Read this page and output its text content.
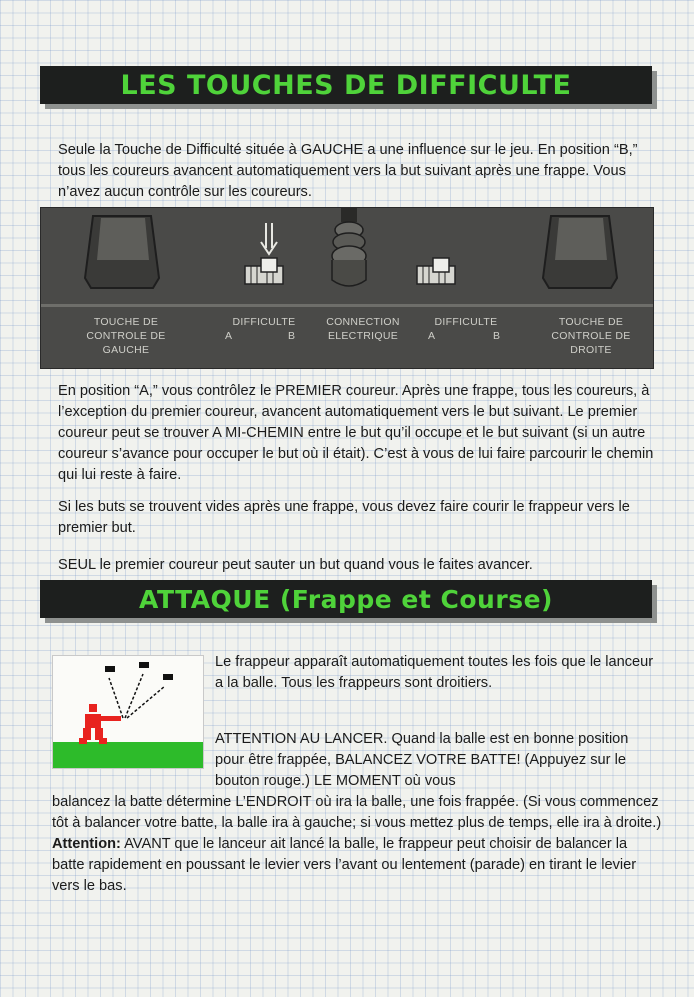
LES TOUCHES DE DIFFICULTE

Seule la Touche de Difficulté située à GAUCHE a une influence sur le jeu. En position “B,” tous les coureurs avancent automatiquement vers la but suivant après une frappe. Vous n’avez aucun contrôle sur les coureurs.

TOUCHE DE CONTROLE DE GAUCHE
DIFFICULTE
A	B
CONNECTION ELECTRIQUE
DIFFICULTE
A	B
TOUCHE DE CONTROLE DE DROITE

En position “A,” vous contrôlez le PREMIER coureur. Après une frappe, tous les coureurs, à l’exception du premier coureur, avancent automatiquement vers le but suivant. Le premier coureur peut se trouver A MI-CHEMIN entre le but qu’il occupe et le but suivant (si un autre coureur s’avance pour occuper le but où il était). C’est à vous de lui faire parcourir le chemin qui lui reste à faire.

Si les buts se trouvent vides après une frappe, vous devez faire courir le frappeur vers le premier but.

SEUL le premier coureur peut sauter un but quand vous le faites avancer.

ATTAQUE (Frappe et Course)

Le frappeur apparaît automatiquement toutes les fois que le lanceur a la balle. Tous les frappeurs sont droitiers.

ATTENTION AU LANCER. Quand la balle est en bonne position pour être frappée, BALANCEZ VOTRE BATTE! (Appuyez sur le bouton rouge.) LE MOMENT où vous

balancez la batte détermine L’ENDROIT où ira la balle, une fois frappée. (Si vous commencez tôt à balancer votre batte, la balle ira à gauche; si vous mettez plus de temps, elle ira à droite.) Attention: AVANT que le lanceur ait lancé la balle, le frappeur peut choisir de balancer la batte rapidement en poussant le levier vers l’avant ou lentement (parade) en tirant le levier vers le bas.
